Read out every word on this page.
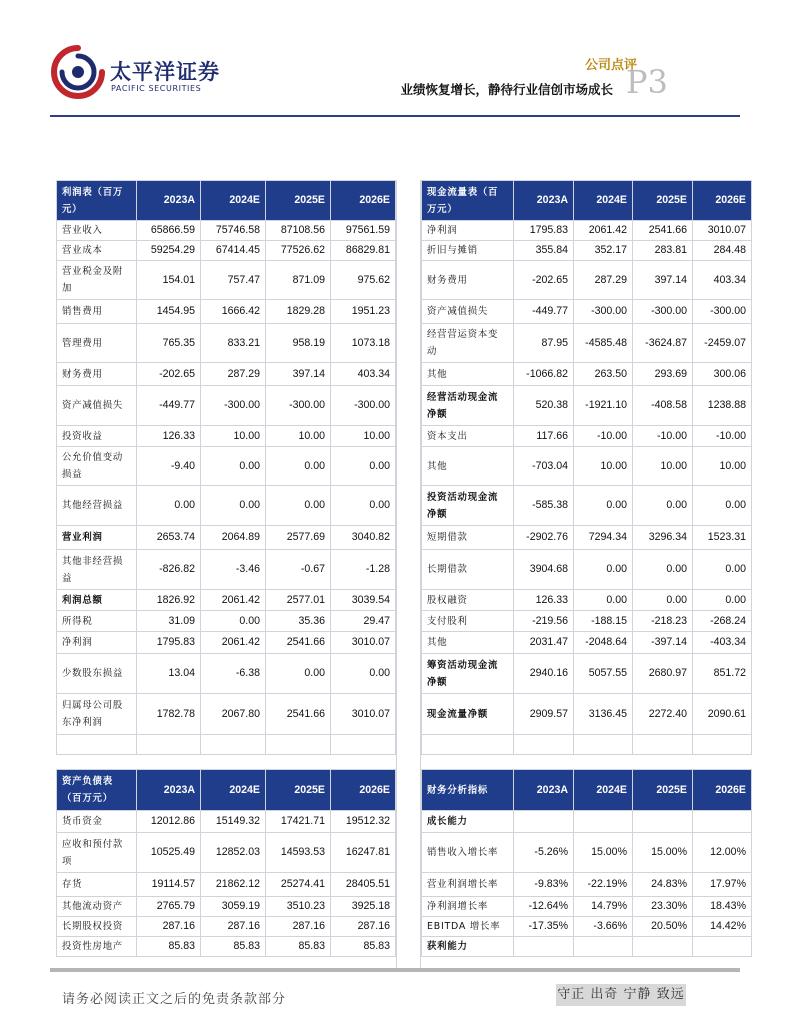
太平洋证券
PACIFIC SECURITIES
公司点评
P3
业绩恢复增长，静待行业信创市场成长
利润表（百万元）	2023A	2024E	2025E	2026E
营业收入	65866.59	75746.58	87108.56	97561.59
营业成本	59254.29	67414.45	77526.62	86829.81
营业税金及附加	154.01	757.47	871.09	975.62
销售费用	1454.95	1666.42	1829.28	1951.23
管理费用	765.35	833.21	958.19	1073.18
财务费用	-202.65	287.29	397.14	403.34
资产减值损失	-449.77	-300.00	-300.00	-300.00
投资收益	126.33	10.00	10.00	10.00
公允价值变动损益	-9.40	0.00	0.00	0.00
其他经营损益	0.00	0.00	0.00	0.00
营业利润	2653.74	2064.89	2577.69	3040.82
其他非经营损益	-826.82	-3.46	-0.67	-1.28
利润总额	1826.92	2061.42	2577.01	3039.54
所得税	31.09	0.00	35.36	29.47
净利润	1795.83	2061.42	2541.66	3010.07
少数股东损益	13.04	-6.38	0.00	0.00
归属母公司股东净利润	1782.78	2067.80	2541.66	3010.07

现金流量表（百万元）	2023A	2024E	2025E	2026E
净利润	1795.83	2061.42	2541.66	3010.07
折旧与摊销	355.84	352.17	283.81	284.48
财务费用	-202.65	287.29	397.14	403.34
资产减值损失	-449.77	-300.00	-300.00	-300.00
经营营运资本变动	87.95	-4585.48	-3624.87	-2459.07
其他	-1066.82	263.50	293.69	300.06
经营活动现金流净额	520.38	-1921.10	-408.58	1238.88
资本支出	117.66	-10.00	-10.00	-10.00
其他	-703.04	10.00	10.00	10.00
投资活动现金流净额	-585.38	0.00	0.00	0.00
短期借款	-2902.76	7294.34	3296.34	1523.31
长期借款	3904.68	0.00	0.00	0.00
股权融资	126.33	0.00	0.00	0.00
支付股利	-219.56	-188.15	-218.23	-268.24
其他	2031.47	-2048.64	-397.14	-403.34
筹资活动现金流净额	2940.16	5057.55	2680.97	851.72
现金流量净额	2909.57	3136.45	2272.40	2090.61

资产负债表（百万元）	2023A	2024E	2025E	2026E
货币资金	12012.86	15149.32	17421.71	19512.32
应收和预付款项	10525.49	12852.03	14593.53	16247.81
存货	19114.57	21862.12	25274.41	28405.51
其他流动资产	2765.79	3059.19	3510.23	3925.18
长期股权投资	287.16	287.16	287.16	287.16
投资性房地产	85.83	85.83	85.83	85.83
财务分析指标	2023A	2024E	2025E	2026E
成长能力				
销售收入增长率	-5.26%	15.00%	15.00%	12.00%
营业利润增长率	-9.83%	-22.19%	24.83%	17.97%
净利润增长率	-12.64%	14.79%	23.30%	18.43%
EBITDA 增长率	-17.35%	-3.66%	20.50%	14.42%
获利能力				
请务必阅读正文之后的免责条款部分	守正 出奇 宁静 致远
